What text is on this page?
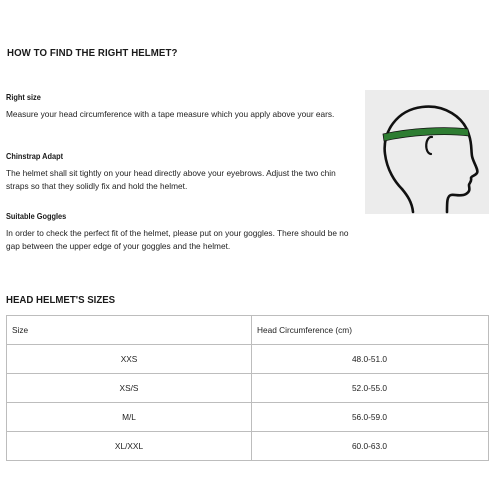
HOW TO FIND THE RIGHT HELMET?
Right size
Measure your head circumference with a tape measure which you apply above your ears.
Chinstrap Adapt
The helmet shall sit tightly on your head directly above your eyebrows. Adjust the two chin straps so that they solidly fix and hold the helmet.
Suitable Goggles
In order to check the perfect fit of the helmet, please put on your goggles. There should be no gap between the upper edge of your goggles and the helmet.
HEAD HELMET'S SIZES
Size	Head Circumference (cm)
XXS	48.0-51.0
XS/S	52.0-55.0
M/L	56.0-59.0
XL/XXL	60.0-63.0
